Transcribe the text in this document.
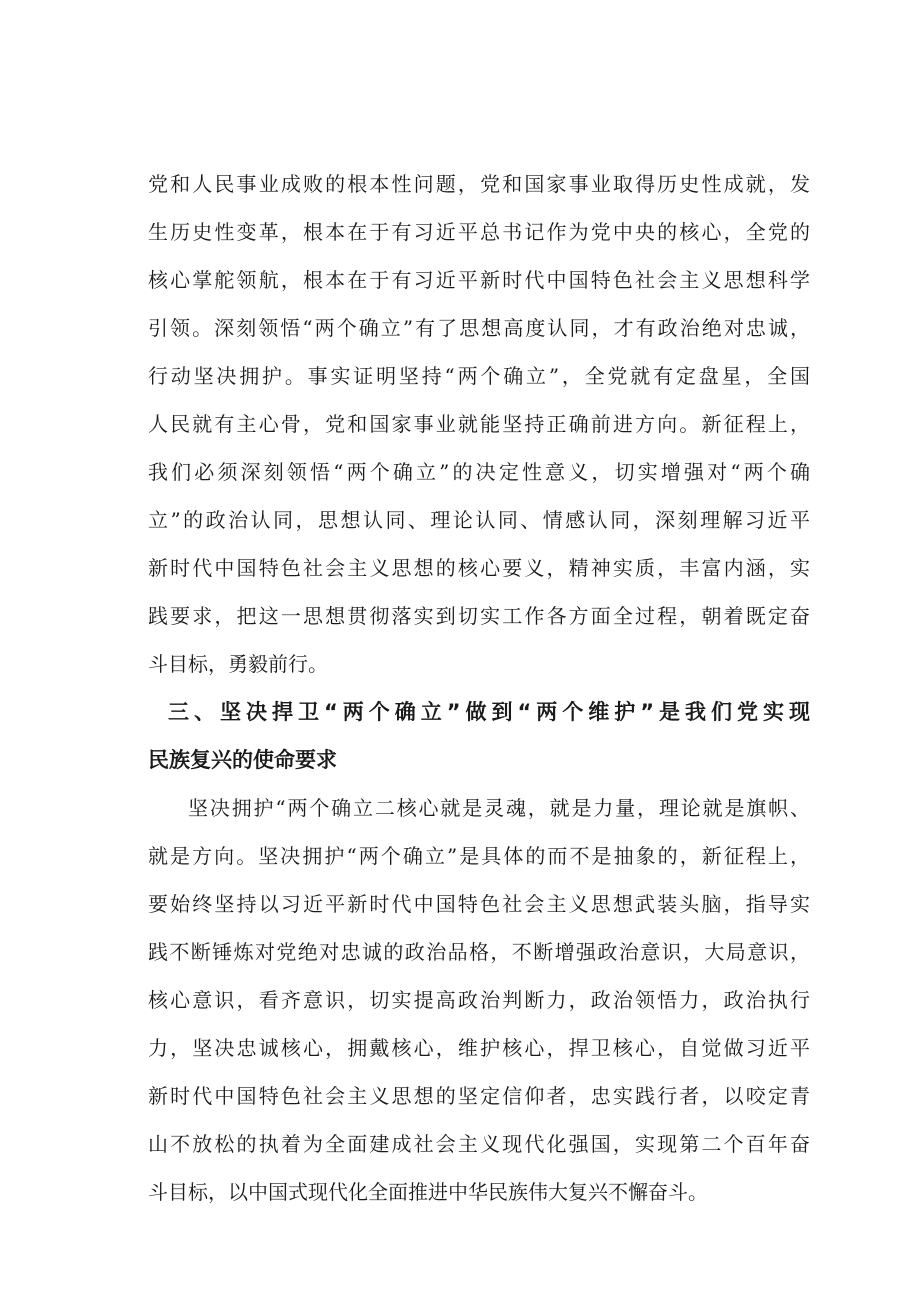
党和人民事业成败的根本性问题，党和国家事业取得历史性成就，发
生历史性变革，根本在于有习近平总书记作为党中央的核心，全党的
核心掌舵领航，根本在于有习近平新时代中国特色社会主义思想科学
引领。深刻领悟“两个确立”有了思想高度认同，才有政治绝对忠诚，
行动坚决拥护。事实证明坚持“两个确立”，全党就有定盘星，全国
人民就有主心骨，党和国家事业就能坚持正确前进方向。新征程上，
我们必须深刻领悟“两个确立”的决定性意义，切实增强对“两个确
立”的政治认同，思想认同、理论认同、情感认同，深刻理解习近平
新时代中国特色社会主义思想的核心要义，精神实质，丰富内涵，实
践要求，把这一思想贯彻落实到切实工作各方面全过程，朝着既定奋
斗目标，勇毅前行。
三、坚决捍卫“两个确立”做到“两个维护”是我们党实现
民族复兴的使命要求
坚决拥护“两个确立二核心就是灵魂，就是力量，理论就是旗帜、
就是方向。坚决拥护“两个确立”是具体的而不是抽象的，新征程上，
要始终坚持以习近平新时代中国特色社会主义思想武装头脑，指导实
践不断锤炼对党绝对忠诚的政治品格，不断增强政治意识，大局意识，
核心意识，看齐意识，切实提高政治判断力，政治领悟力，政治执行
力，坚决忠诚核心，拥戴核心，维护核心，捍卫核心，自觉做习近平
新时代中国特色社会主义思想的坚定信仰者，忠实践行者，以咬定青
山不放松的执着为全面建成社会主义现代化强国，实现第二个百年奋
斗目标，以中国式现代化全面推进中华民族伟大复兴不懈奋斗。
